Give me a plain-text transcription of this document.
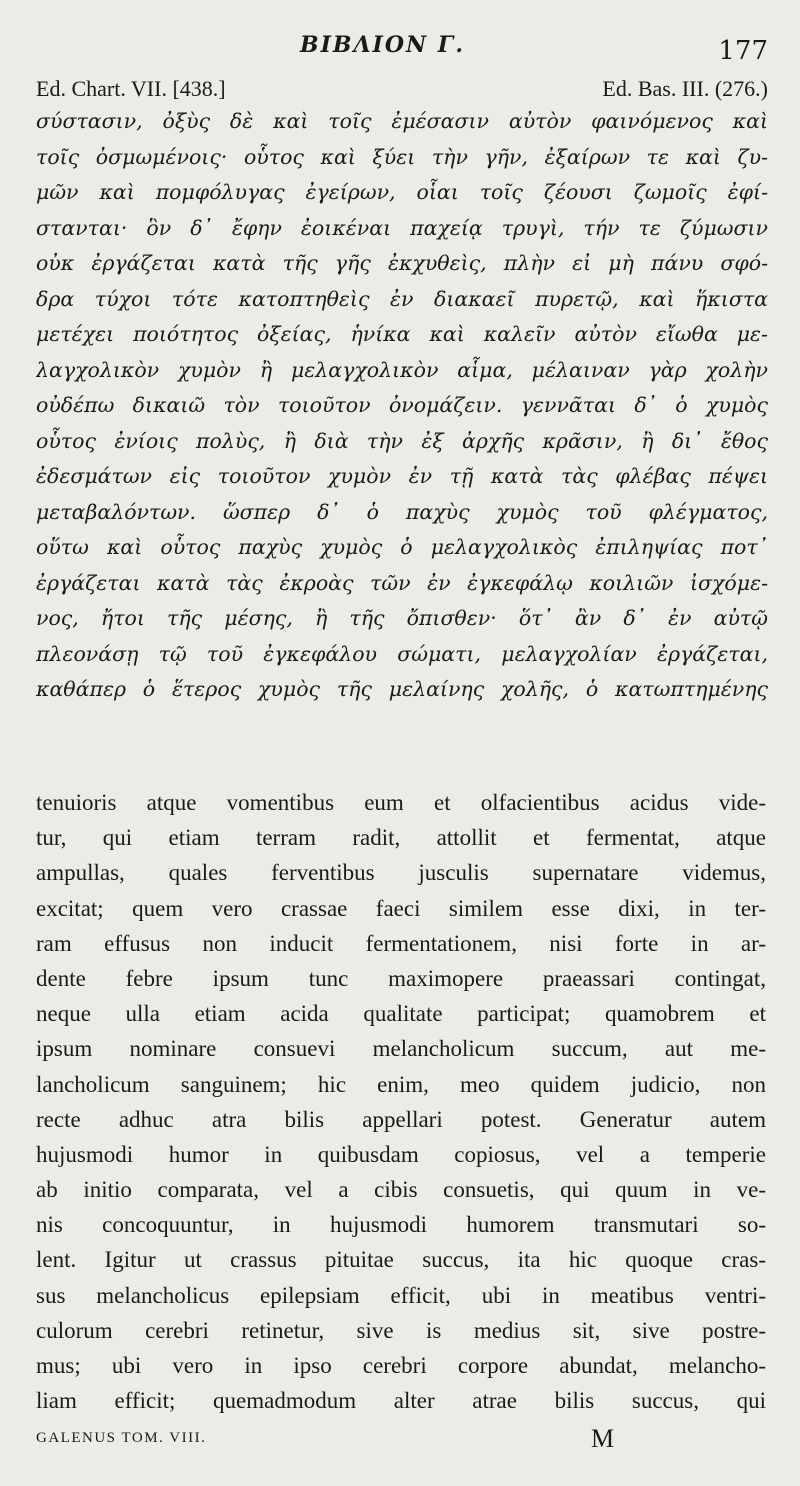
ΒΙΒΛΙΟΝ Γ.	177
Ed. Chart. VII. [438.]	Ed. Bas. III. (276.)
σύστασιν, ὀξὺς δὲ καὶ τοῖς ἐμέσασιν αὐτὸν φαινόμενος καὶ
τοῖς ὀσμωμένοις· οὗτος καὶ ξύει τὴν γῆν, ἐξαίρων τε καὶ ζυ-
μῶν καὶ πομφόλυγας ἐγείρων, οἷαι τοῖς ζέουσι ζωμοῖς ἐφί-
στανται· ὃν δ᾽ ἔφην ἐοικέναι παχείᾳ τρυγὶ, τήν τε ζύμωσιν
οὐκ ἐργάζεται κατὰ τῆς γῆς ἐκχυθεὶς, πλὴν εἰ μὴ πάνυ σφό-
δρα τύχοι τότε κατοπτηθεὶς ἐν διακαεῖ πυρετῷ, καὶ ἥκιστα
μετέχει ποιότητος ὀξείας, ἡνίκα καὶ καλεῖν αὐτὸν εἴωθα με-
λαγχολικὸν χυμὸν ἢ μελαγχολικὸν αἷμα, μέλαιναν γὰρ χολὴν
οὐδέπω δικαιῶ τὸν τοιοῦτον ὀνομάζειν. γεννᾶται δ᾽ ὁ χυμὸς
οὗτος ἐνίοις πολὺς, ἢ διὰ τὴν ἐξ ἀρχῆς κρᾶσιν, ἢ δι᾽ ἔθος
ἐδεσμάτων εἰς τοιοῦτον χυμὸν ἐν τῇ κατὰ τὰς φλέβας πέψει
μεταβαλόντων. ὥσπερ δ᾽ ὁ παχὺς χυμὸς τοῦ φλέγματος,
οὕτω καὶ οὗτος παχὺς χυμὸς ὁ μελαγχολικὸς ἐπιληψίας ποτ᾽
ἐργάζεται κατὰ τὰς ἐκροὰς τῶν ἐν ἐγκεφάλῳ κοιλιῶν ἰσχόμε-
νος, ἤτοι τῆς μέσης, ἢ τῆς ὄπισθεν· ὅτ᾽ ἂν δ᾽ ἐν αὐτῷ
πλεονάσῃ τῷ τοῦ ἐγκεφάλου σώματι, μελαγχολίαν ἐργάζεται,
καθάπερ ὁ ἕτερος χυμὸς τῆς μελαίνης χολῆς, ὁ κατωπτημένης
tenuioris atque vomentibus eum et olfacientibus acidus vide-
tur, qui etiam terram radit, attollit et fermentat, atque
ampullas, quales ferventibus jusculis supernatare videmus,
excitat; quem vero crassae faeci similem esse dixi, in ter-
ram effusus non inducit fermentationem, nisi forte in ar-
dente febre ipsum tunc maximopere praeassari contingat,
neque ulla etiam acida qualitate participat; quamobrem et
ipsum nominare consuevi melancholicum succum, aut me-
lancholicum sanguinem; hic enim, meo quidem judicio, non
recte adhuc atra bilis appellari potest. Generatur autem
hujusmodi humor in quibusdam copiosus, vel a temperie
ab initio comparata, vel a cibis consuetis, qui quum in ve-
nis concoquuntur, in hujusmodi humorem transmutari so-
lent. Igitur ut crassus pituitae succus, ita hic quoque cras-
sus melancholicus epilepsiam efficit, ubi in meatibus ventri-
culorum cerebri retinetur, sive is medius sit, sive postre-
mus; ubi vero in ipso cerebri corpore abundat, melancho-
liam efficit; quemadmodum alter atrae bilis succus, qui
GALENUS TOM. VIII.	M
